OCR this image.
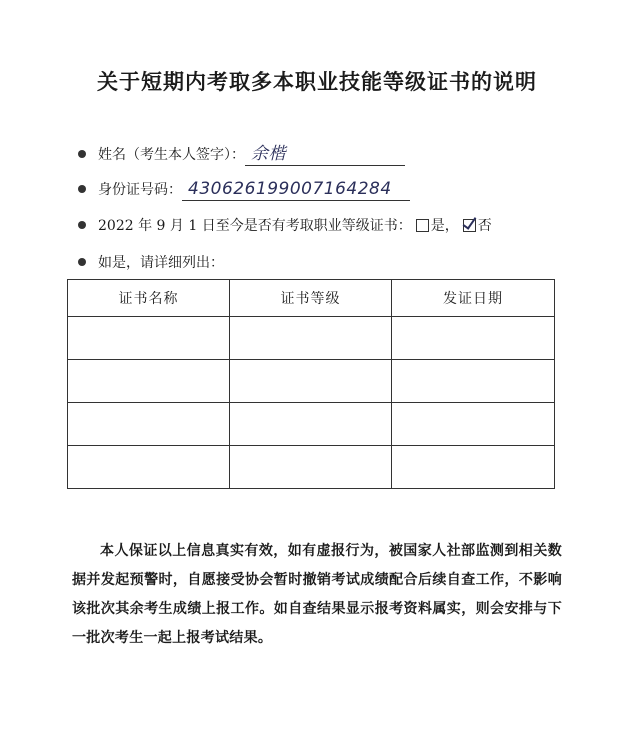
关于短期内考取多本职业技能等级证书的说明
姓名（考生本人签字）： 余楷
身份证号码： 430626199007164284
2022 年 9 月 1 日至今是否有考取职业等级证书： 是， 否
如是，请详细列出：
证书名称	证书等级	发证日期

本人保证以上信息真实有效，如有虚报行为，被国家人社部监测到相关数据并发起预警时，自愿接受协会暂时撤销考试成绩配合后续自查工作，不影响该批次其余考生成绩上报工作。如自查结果显示报考资料属实，则会安排与下一批次考生一起上报考试结果。
